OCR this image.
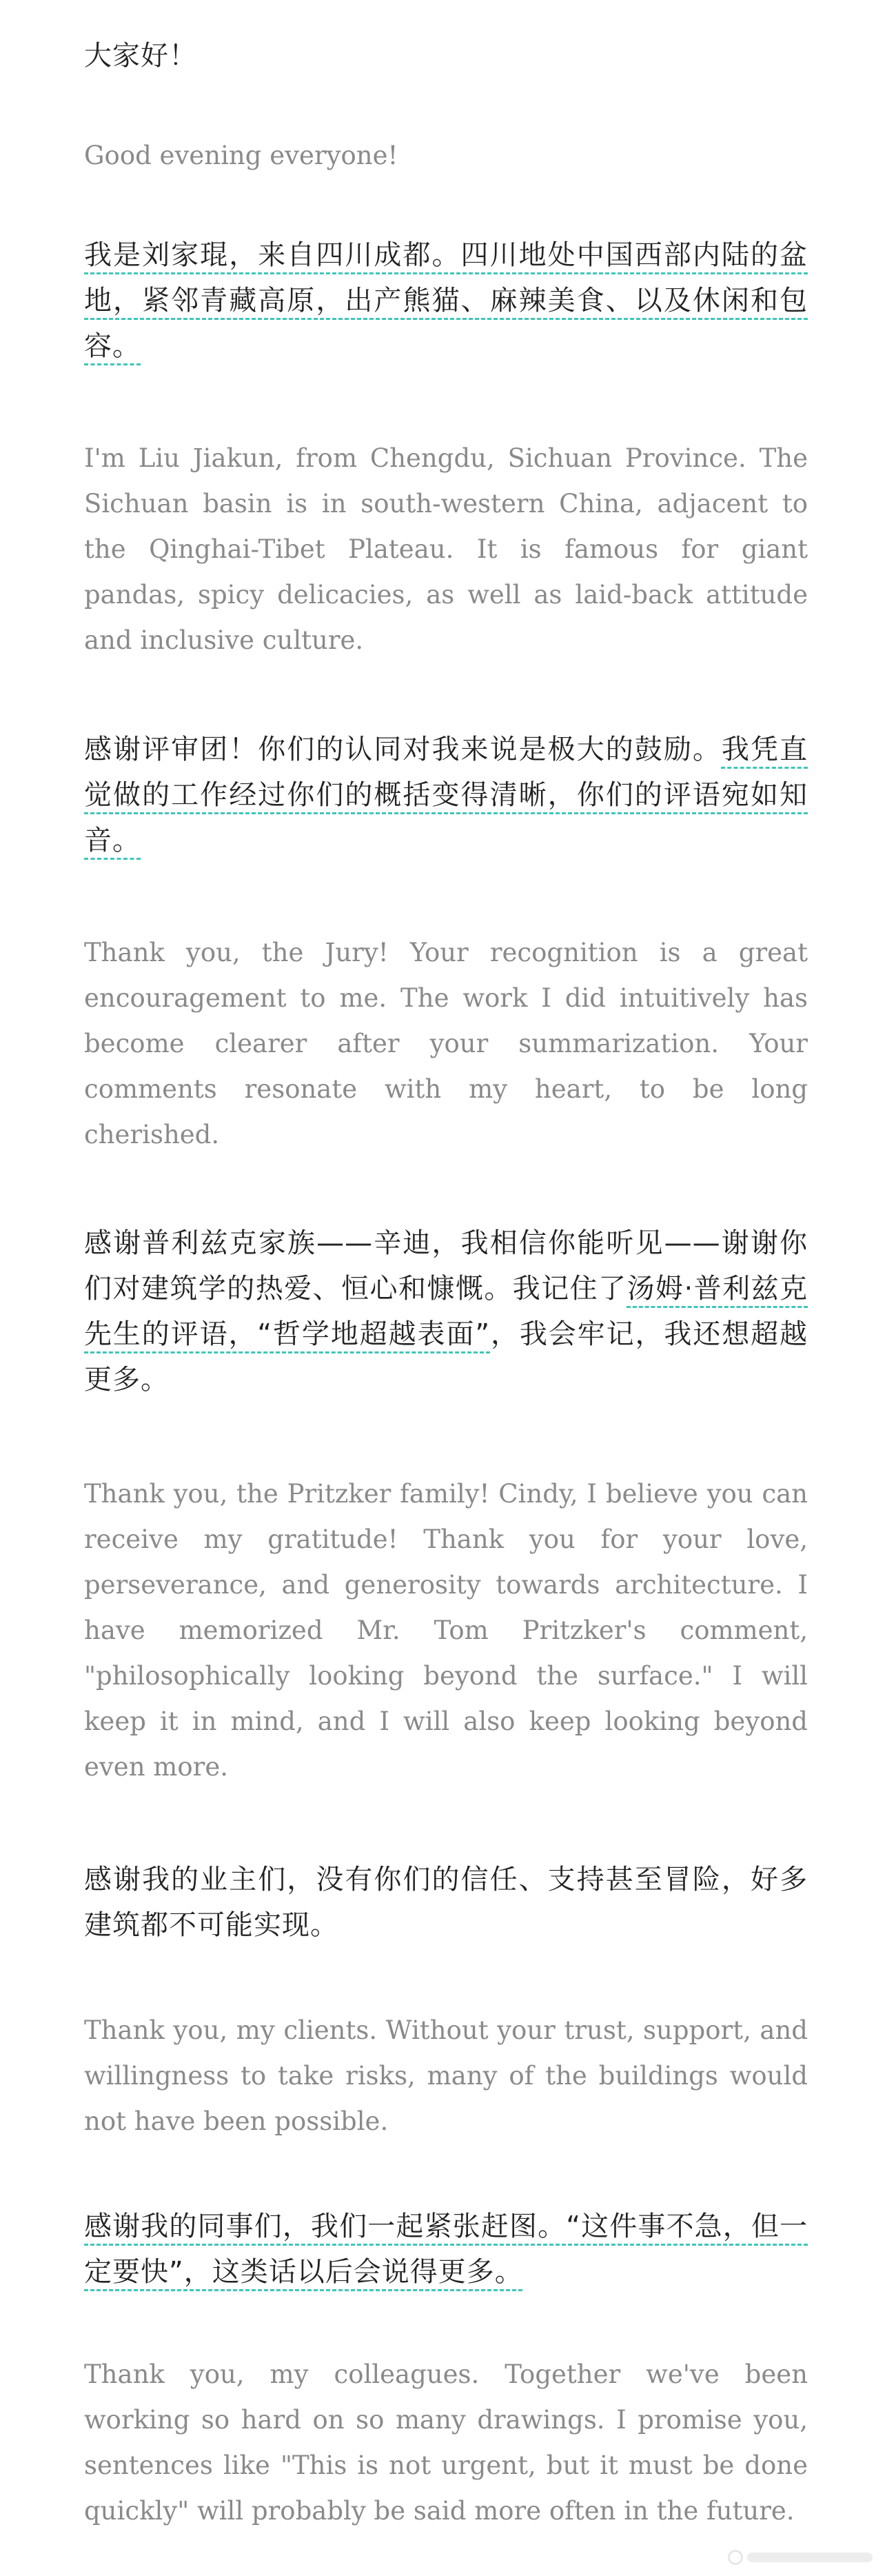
大家好！

Good evening everyone!

我是刘家琨，来自四川成都。四川地处中国西部内陆的盆地，紧邻青藏高原，出产熊猫、麻辣美食、以及休闲和包容。

I'm Liu Jiakun, from Chengdu, Sichuan Province. The Sichuan basin is in south-western China, adjacent to the Qinghai-Tibet Plateau. It is famous for giant pandas, spicy delicacies, as well as laid-back attitude and inclusive culture.

感谢评审团！你们的认同对我来说是极大的鼓励。我凭直觉做的工作经过你们的概括变得清晰，你们的评语宛如知音。

Thank you, the Jury! Your recognition is a great encouragement to me. The work I did intuitively has become clearer after your summarization. Your comments resonate with my heart, to be long cherished.

感谢普利兹克家族——辛迪，我相信你能听见——谢谢你们对建筑学的热爱、恒心和慷慨。我记住了汤姆·普利兹克先生的评语，“哲学地超越表面”，我会牢记，我还想超越更多。

Thank you, the Pritzker family! Cindy, I believe you can receive my gratitude! Thank you for your love, perseverance, and generosity towards architecture. I have memorized Mr. Tom Pritzker's comment, "philosophically looking beyond the surface." I will keep it in mind, and I will also keep looking beyond even more.

感谢我的业主们，没有你们的信任、支持甚至冒险，好多建筑都不可能实现。

Thank you, my clients. Without your trust, support, and willingness to take risks, many of the buildings would not have been possible.

感谢我的同事们，我们一起紧张赶图。“这件事不急，但一定要快”，这类话以后会说得更多。

Thank you, my colleagues. Together we've been working so hard on so many drawings. I promise you, sentences like "This is not urgent, but it must be done quickly" will probably be said more often in the future.
